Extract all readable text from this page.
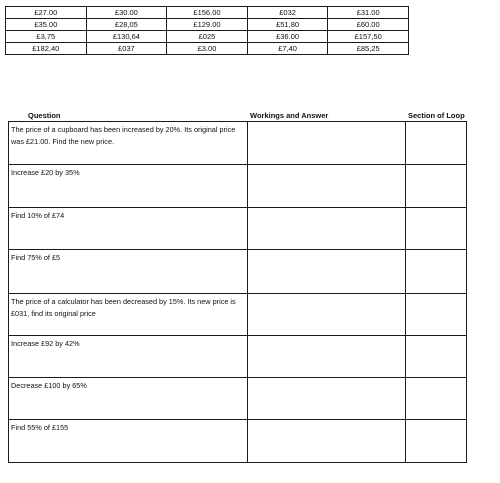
£27.00	£30.00	£156.00	£032	£31.00
£35.00	£28,05	£129.00	£51,80	£60.00
£3,75	£130,64	£025	£36.00	£157,50
£182,40	£037	£3.00	£7,40	£85,25
Question	Workings and Answer	Section of Loop
The price of a cupboard has been increased by 20%. Its original price was £21.00. Find the new price.		
Increase £20 by 35%		
Find 10% of £74		
Find 75% of £5		
The price of a calculator has been decreased by 15%. Its new price is £031, find its original price		
Increase £92 by 42%		
Decrease £100 by 65%		
Find 55% of £155		
